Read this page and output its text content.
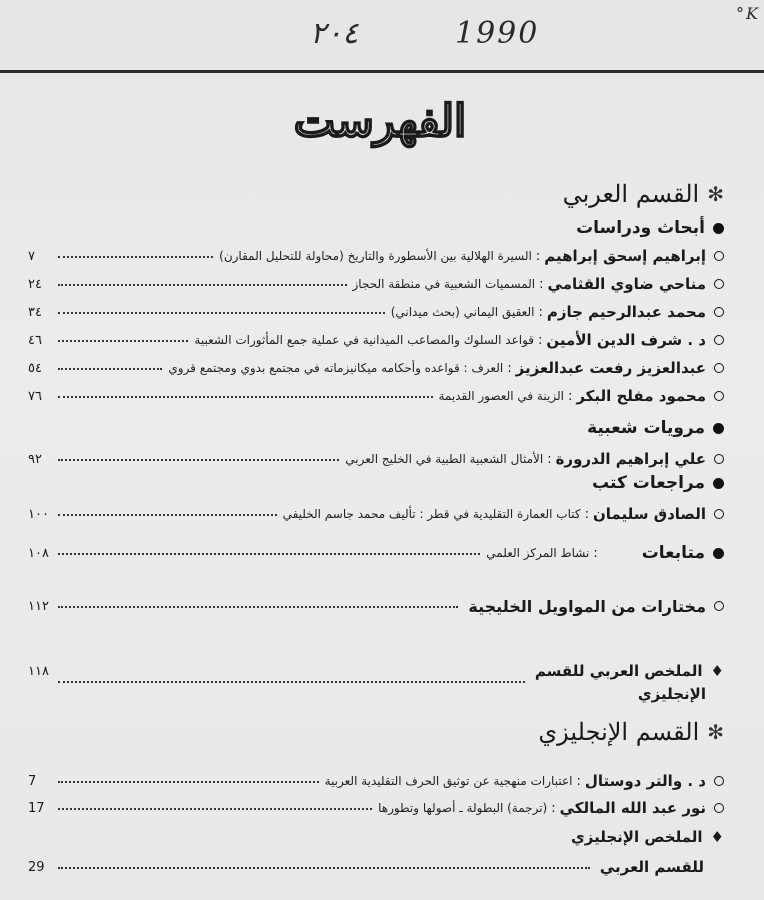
1990
٢٠٤
°K
الفهرست
✻
القسم العربي
أبحاث ودراسات
إبراهيم إسحق إبراهيم
:
السيرة الهلالية بين الأسطورة والتاريخ (محاولة للتحليل المقارن)
٧
مناحي ضاوي القثامي
:
المسميات الشعبية في منطقة الحجاز
٢٤
محمد عبدالرحيم جازم
:
العقيق اليماني (بحث ميداني)
٣٤
د . شرف الدين الأمين
:
قواعد السلوك والمصاعب الميدانية في عملية جمع المأثورات الشعبية
٤٦
عبدالعزيز رفعت عبدالعزيز
:
العرف : قواعده وأحكامه ميكانيزماته في مجتمع بدوي ومجتمع قروي
٥٤
محمود مفلح البكر
:
الزينة في العصور القديمة
٧٦
مرويات شعبية
علي إبراهيم الدرورة
:
الأمثال الشعبية الطبية في الخليج العربي
٩٢
مراجعات كتب
الصادق سليمان
:
كتاب العمارة التقليدية في قطر : تأليف محمد جاسم الخليفي
١٠٠
متابعات
:
نشاط المركز العلمي
١٠٨
مختارات من المواويل الخليجية
١١٢
♦
الملخص العربي للقسم
١١٨
الإنجليزي
✻
القسم الإنجليزي
د . والتر دوستال
:
اعتبارات منهجية عن توثيق الحرف التقليدية العربية
7
نور عبد الله المالكي
:
(ترجمة) البطولة ـ أصولها وتطورها
17
♦
الملخص الإنجليزي
للقسم العربي
29
